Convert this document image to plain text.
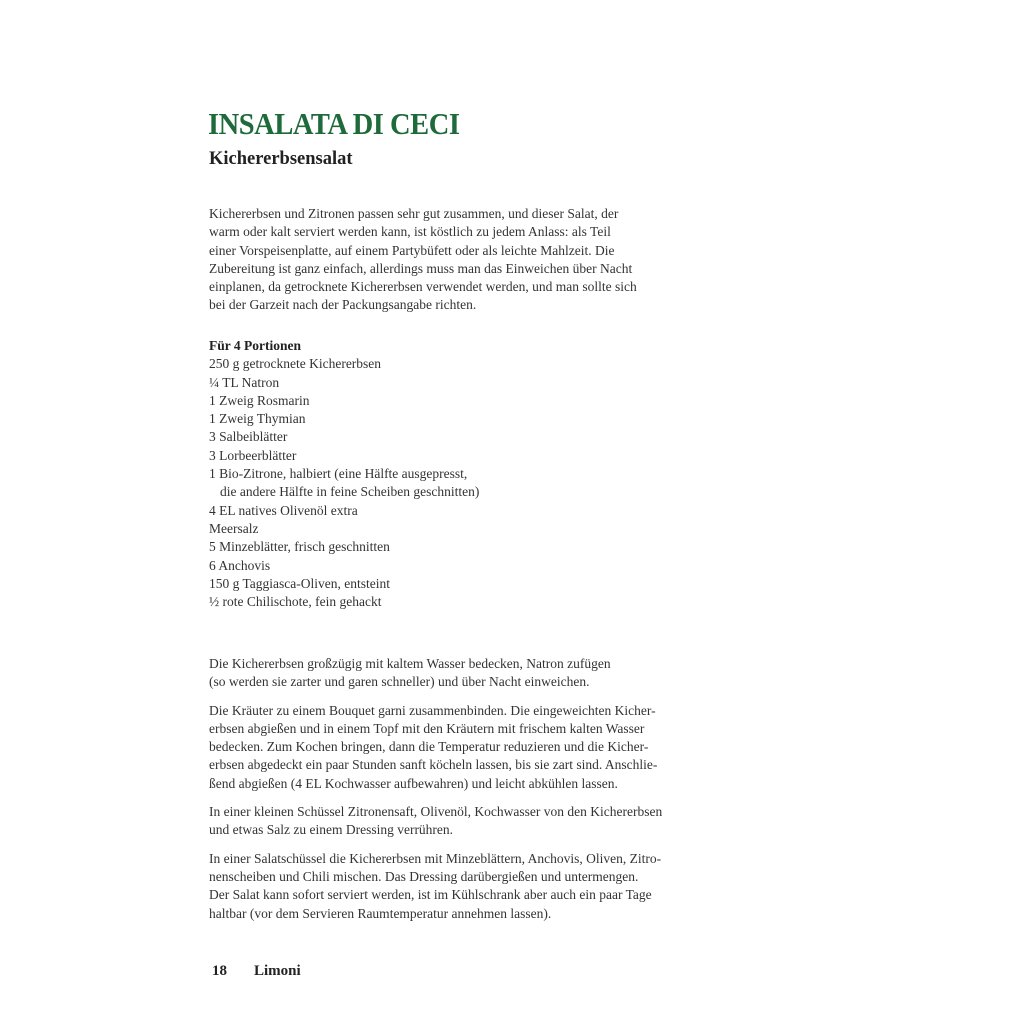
INSALATA DI CECI
Kichererbsensalat
Kichererbsen und Zitronen passen sehr gut zusammen, und dieser Salat, der
warm oder kalt serviert werden kann, ist köstlich zu jedem Anlass: als Teil
einer Vorspeisenplatte, auf einem Partybüfett oder als leichte Mahlzeit. Die
Zubereitung ist ganz einfach, allerdings muss man das Einweichen über Nacht
einplanen, da getrocknete Kichererbsen verwendet werden, und man sollte sich
bei der Garzeit nach der Packungsangabe richten.
Für 4 Portionen
250 g getrocknete Kichererbsen
¼ TL Natron
1 Zweig Rosmarin
1 Zweig Thymian
3 Salbeiblätter
3 Lorbeerblätter
1 Bio-Zitrone, halbiert (eine Hälfte ausgepresst,
die andere Hälfte in feine Scheiben geschnitten)
4 EL natives Olivenöl extra
Meersalz
5 Minzeblätter, frisch geschnitten
6 Anchovis
150 g Taggiasca-Oliven, entsteint
½ rote Chilischote, fein gehackt

Die Kichererbsen großzügig mit kaltem Wasser bedecken, Natron zufügen
(so werden sie zarter und garen schneller) und über Nacht einweichen.

Die Kräuter zu einem Bouquet garni zusammenbinden. Die eingeweichten Kicher-
erbsen abgießen und in einem Topf mit den Kräutern mit frischem kalten Wasser
bedecken. Zum Kochen bringen, dann die Temperatur reduzieren und die Kicher-
erbsen abgedeckt ein paar Stunden sanft köcheln lassen, bis sie zart sind. Anschlie-
ßend abgießen (4 EL Kochwasser aufbewahren) und leicht abkühlen lassen.

In einer kleinen Schüssel Zitronensaft, Olivenöl, Kochwasser von den Kichererbsen
und etwas Salz zu einem Dressing verrühren.

In einer Salatschüssel die Kichererbsen mit Minzeblättern, Anchovis, Oliven, Zitro-
nenscheiben und Chili mischen. Das Dressing darübergießen und untermengen.
Der Salat kann sofort serviert werden, ist im Kühlschrank aber auch ein paar Tage
haltbar (vor dem Servieren Raumtemperatur annehmen lassen).

18 Limoni
